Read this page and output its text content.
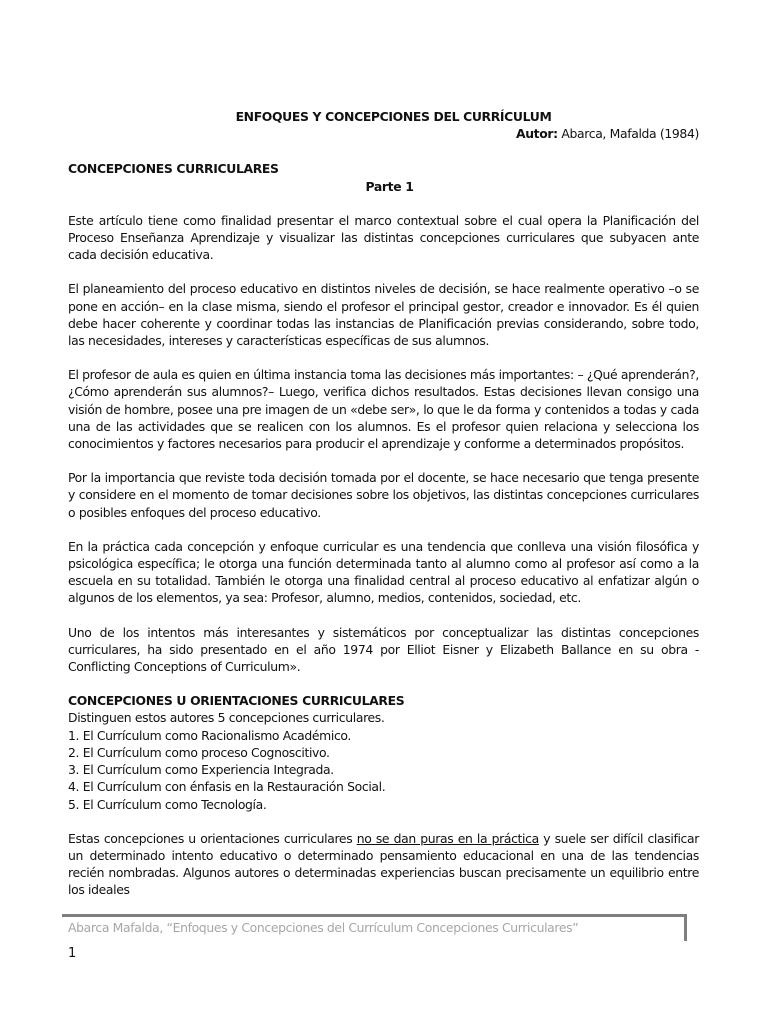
ENFOQUES Y CONCEPCIONES DEL CURRÍCULUM

Autor: Abarca, Mafalda (1984)

CONCEPCIONES CURRICULARES

Parte 1

Este artículo tiene como finalidad presentar el marco contextual sobre el cual opera la Planificación del Proceso Enseñanza Aprendizaje y visualizar las distintas concepciones curriculares que subyacen ante cada decisión educativa.

El planeamiento del proceso educativo en distintos niveles de decisión, se hace realmente operativo –o se pone en acción– en la clase misma, siendo el profesor el principal gestor, creador e innovador. Es él quien debe hacer coherente y coordinar todas las instancias de Planificación previas considerando, sobre todo, las necesidades, intereses y características específicas de sus alumnos.

El profesor de aula es quien en última instancia toma las decisiones más importantes: – ¿Qué aprenderán?, ¿Cómo aprenderán sus alumnos?– Luego, verifica dichos resultados. Estas decisiones llevan consigo una visión de hombre, posee una pre imagen de un «debe ser», lo que le da forma y contenidos a todas y cada una de las actividades que se realicen con los alumnos. Es el profesor quien relaciona y selecciona los conocimientos y factores necesarios para producir el aprendizaje y conforme a determinados propósitos.

Por la importancia que reviste toda decisión tomada por el docente, se hace necesario que tenga presente y considere en el momento de tomar decisiones sobre los objetivos, las distintas concepciones curriculares o posibles enfoques del proceso educativo.

En la práctica cada concepción y enfoque curricular es una tendencia que conlleva una visión filosófica y psicológica específica; le otorga una función determinada tanto al alumno como al profesor así como a la escuela en su totalidad. También le otorga una finalidad central al proceso educativo al enfatizar algún o algunos de los elementos, ya sea: Profesor, alumno, medios, contenidos, sociedad, etc.

Uno de los intentos más interesantes y sistemáticos por conceptualizar las distintas concepciones curriculares, ha sido presentado en el año 1974 por Elliot Eisner y Elizabeth Ballance en su obra -Conflicting Conceptions of Curriculum».

CONCEPCIONES U ORIENTACIONES CURRICULARES

Distinguen estos autores 5 concepciones curriculares.

1. El Currículum como Racionalismo Académico.

2. El Currículum como proceso Cognoscitivo.

3. El Currículum como Experiencia Integrada.

4. El Currículum con énfasis en la Restauración Social.

5. El Currículum como Tecnología.

Estas concepciones u orientaciones curriculares no se dan puras en la práctica y suele ser difícil clasificar un determinado intento educativo o determinado pensamiento educacional en una de las tendencias recién nombradas. Algunos autores o determinadas experiencias buscan precisamente un equilibrio entre los ideales

Abarca Mafalda, “Enfoques y Concepciones del Currículum Concepciones Curriculares”
1
